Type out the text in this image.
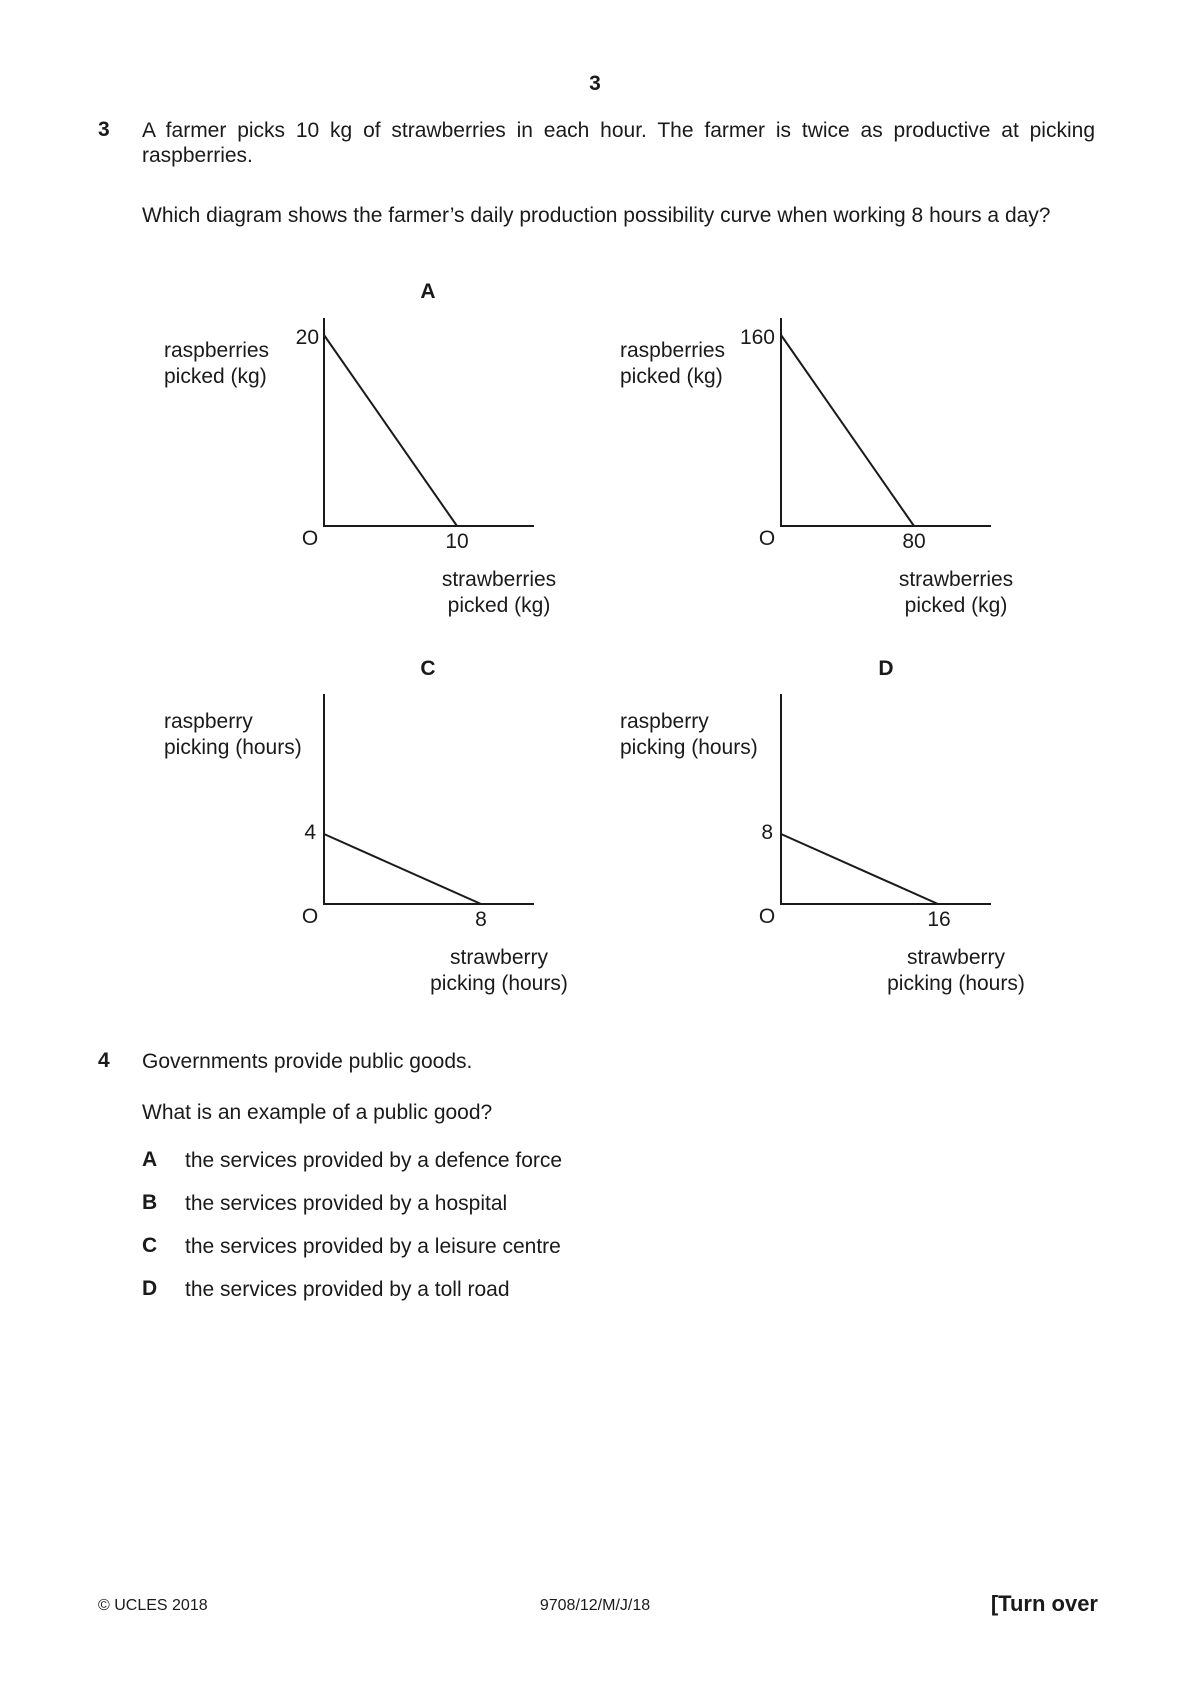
3
3 A farmer picks 10 kg of strawberries in each hour. The farmer is twice as productive at picking raspberries.
Which diagram shows the farmer’s daily production possibility curve when working 8 hours a day?
A
raspberries
picked (kg)
20
O	10
strawberries
picked (kg)
raspberries
picked (kg)
160
O	80
strawberries
picked (kg)
C
raspberry
picking (hours)
4
O	8
strawberry
picking (hours)
D
raspberry
picking (hours)
8
O	16
strawberry
picking (hours)
4 Governments provide public goods.
What is an example of a public good?
A the services provided by a defence force
B the services provided by a hospital
C the services provided by a leisure centre
D the services provided by a toll road
© UCLES 2018	9708/12/M/J/18	[Turn over
